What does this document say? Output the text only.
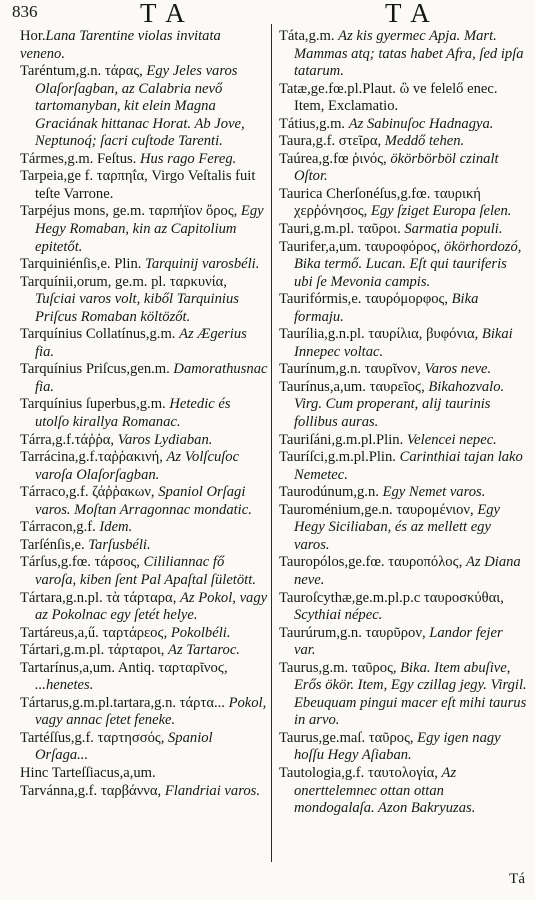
836	T A	T A

Hor.Lana Tarentine violas invitata veneno.

Taréntum,g.n. τάρας, Egy Jeles varos Olaſorſagban, az Calabria nevő tartomanyban, kit elein Magna Graciának hittanac Horat. Ab Jove, Neptunoq́; ſacri cuſtode Tarenti.

Tármes,g.m. Feſtus. Hus rago Fereg.

Tarpeia,ge f. ταρπηΐα, Virgo Veſtalis fuit teſte Varrone.

Tarpéjus mons, ge.m. ταρπήϊον ὄρος, Egy Hegy Romaban, kin az Capitolium epitetőt.

Tarquiniénſis,e. Plin. Tarquinij varosbéli.

Tarquínii,orum, ge.m. pl. ταρκυνία, Tuſciai varos volt, kiből Tarquinius Priſcus Romaban költözőt.

Tarquínius Collatínus,g.m. Az Ægerius fia.

Tarquínius Priſcus,gen.m. Damorathusnac fia.

Tarquínius ſuperbus,g.m. Hetedic és utolſo kirallya Romanac.

Tárra,g.f.τάῤῥα, Varos Lydiaban.

Tarrácina,g.f.ταῤῥακινή, Az Volſcuſoc varoſa Olaſorſagban.

Tárraco,g.f. ζάῤῥακων, Spaniol Orſagi varos. Moſtan Arragonnac mondatic.

Tárracon,g.f. Idem.

Tarſénſis,e. Tarſusbéli.

Tárſus,g.fœ. τάρσος, Cililiannac fő varoſa, kiben ſent Pal Apaſtal ſületött.

Tártara,g.n.pl. τὰ τάρταρα, Az Pokol, vagy az Pokolnac egy ſetét helye.

Tartáreus,a,ű. ταρτάρεοϛ, Pokolbéli.

Tártari,g.m.pl. τάρταροι, Az Tartaroc.

Tartarínus,a,um. Antiq. ταρταρῖνοϛ, ...henetes.

Tártarus,g.m.pl.tartara,g.n. τάρτα... Pokol, vagy annac ſetet feneke.

Tartéſſus,g.f. ταρτησσός, Spaniol Orſaga...

Hinc Tarteſſiacus,a,um.

Tarvánna,g.f. ταρβάννα, Flandriai varos.

Táta,g.m. Az kis gyermec Apja. Mart. Mammas atq; tatas habet Afra, ſed ipſa tatarum.

Tatæ,ge.fœ.pl.Plaut. ὢ ve felelő enec. Item, Exclamatio.

Tátius,g.m. Az Sabinuſoc Hadnagya.

Taura,g.f. στεῖρα, Meddő tehen.

Taúrea,g.fœ ῥινός, ökörbörböl czinalt Oſtor.

Taurica Cherſonéſus,g.fœ. ταυρική χερῤόνησος, Egy ſziget Europa ſelen.

Tauri,g.m.pl. ταῦροι. Sarmatia populi.

Taurifer,a,um. ταυροφόροϛ, ökörhordozó, Bika termő. Lucan. Eſt qui tauriferis ubi ſe Mevonia campis.

Taurifórmis,e. ταυρόμορφος, Bika formaju.

Taurília,g.n.pl. ταυρίλια, βυφόνια, Bikai Innepec voltac.

Taurínum,g.n. ταυρῖνον, Varos neve.

Taurínus,a,um. ταυρεῖοϛ, Bikahozvalo. Virg. Cum properant, alij taurinis follibus auras.

Tauriſáni,g.m.pl.Plin. Velencei nepec.

Tauríſci,g.m.pl.Plin. Carinthiai tajan lako Nemetec.

Taurodúnum,g.n. Egy Nemet varos.

Tauroménium,ge.n. ταυρομένιον, Egy Hegy Siciliaban, és az mellett egy varos.

Tauropólos,ge.fœ. ταυροπόλοϛ, Az Diana neve.

Tauroſcythæ,ge.m.pl.p.c ταυροσκύθαι, Scythiai népec.

Taurúrum,g.n. ταυρῦρον, Landor fejer var.

Taurus,g.m. ταῦρος, Bika. Item abuſive, Erős ökör. Item, Egy czillag jegy. Virgil. Ebeuquam pingui macer eſt mihi taurus in arvo.

Taurus,ge.maſ. ταῦρος, Egy igen nagy hoſſu Hegy Aſiaban.

Tautologia,g.f. ταυτολογία, Az onerttelemnec ottan ottan mondogalaſa. Azon Bakryuzas.

Tá
